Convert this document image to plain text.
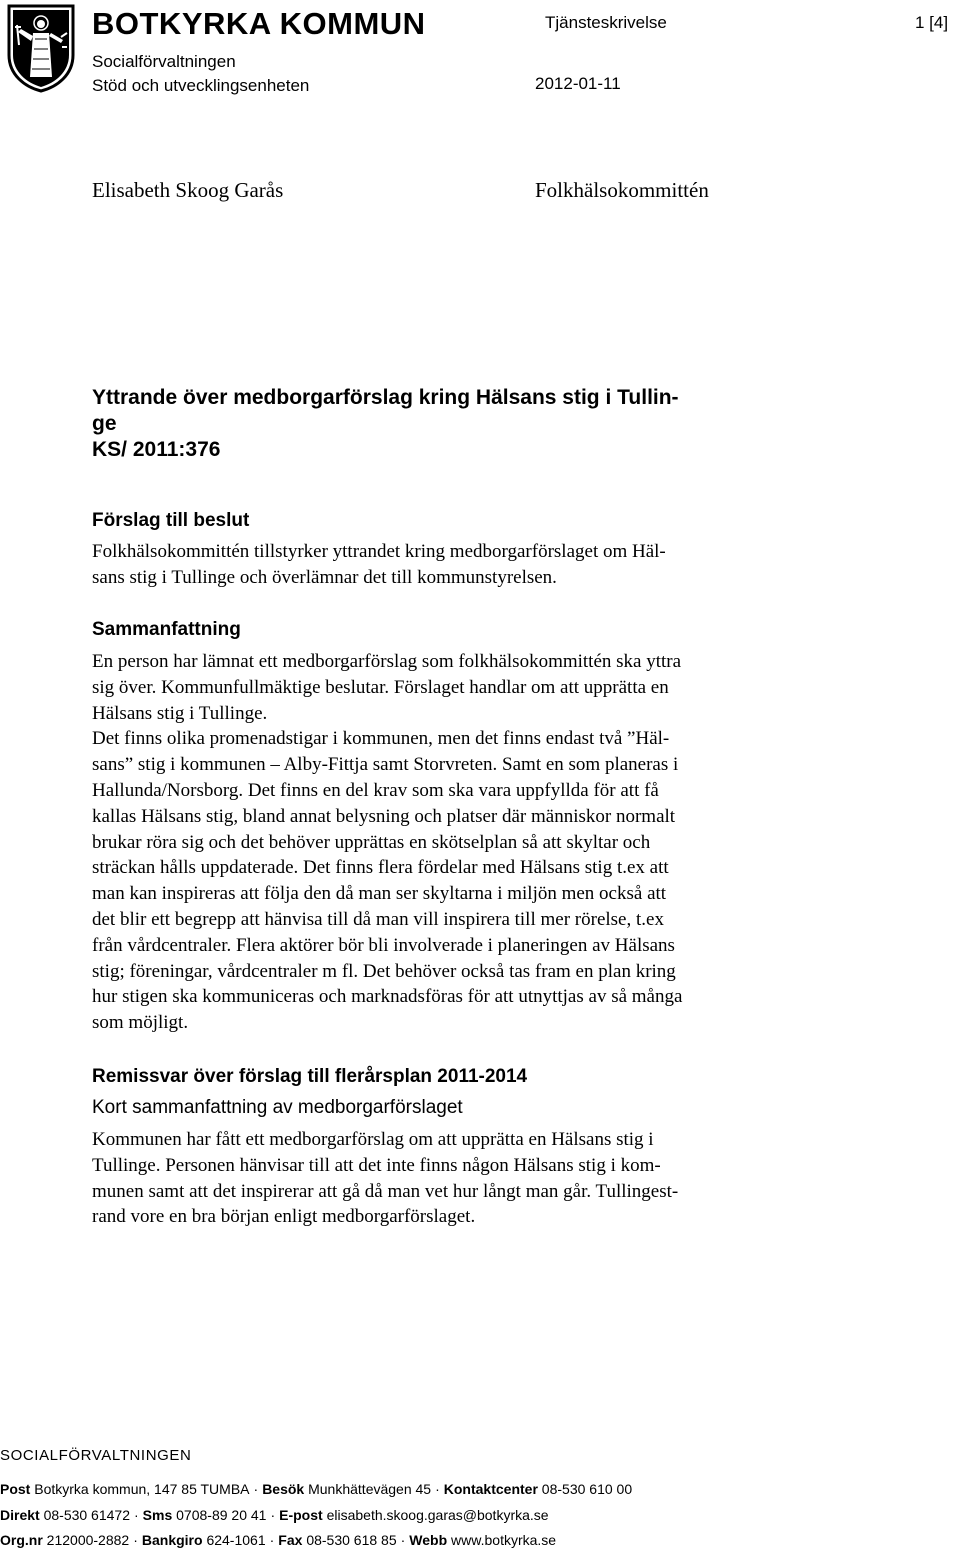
BOTKYRKA KOMMUN
Socialförvaltningen
Stöd och utvecklingsenheten
Tjänsteskrivelse	1 [4]
2012-01-11
Elisabeth Skoog Garås	Folkhälsokommittén
Yttrande över medborgarförslag kring Hälsans stig i Tullin-
ge
KS/ 2011:376
Förslag till beslut
Folkhälsokommittén tillstyrker yttrandet kring medborgarförslaget om Häl-
sans stig i Tullinge och överlämnar det till kommunstyrelsen.
Sammanfattning
En person har lämnat ett medborgarförslag som folkhälsokommittén ska yttra
sig över. Kommunfullmäktige beslutar. Förslaget handlar om att upprätta en
Hälsans stig i Tullinge.
Det finns olika promenadstigar i kommunen, men det finns endast två ”Häl-
sans” stig i kommunen – Alby-Fittja samt Storvreten. Samt en som planeras i
Hallunda/Norsborg. Det finns en del krav som ska vara uppfyllda för att få
kallas Hälsans stig, bland annat belysning och platser där människor normalt
brukar röra sig och det behöver upprättas en skötselplan så att skyltar och
sträckan hålls uppdaterade. Det finns flera fördelar med Hälsans stig t.ex att
man kan inspireras att följa den då man ser skyltarna i miljön men också att
det blir ett begrepp att hänvisa till då man vill inspirera till mer rörelse, t.ex
från vårdcentraler. Flera aktörer bör bli involverade i planeringen av Hälsans
stig; föreningar, vårdcentraler m fl. Det behöver också tas fram en plan kring
hur stigen ska kommuniceras och marknadsföras för att utnyttjas av så många
som möjligt.
Remissvar över förslag till flerårsplan 2011-2014
Kort sammanfattning av medborgarförslaget
Kommunen har fått ett medborgarförslag om att upprätta en Hälsans stig i
Tullinge. Personen hänvisar till att det inte finns någon Hälsans stig i kom-
munen samt att det inspirerar att gå då man vet hur långt man går. Tullingest-
rand vore en bra början enligt medborgarförslaget.
SOCIALFÖRVALTNINGEN
Post Botkyrka kommun, 147 85 TUMBA · Besök Munkhättevägen 45 · Kontaktcenter 08-530 610 00
Direkt 08-530 61472 · Sms 0708-89 20 41 · E-post elisabeth.skoog.garas@botkyrka.se
Org.nr 212000-2882 · Bankgiro 624-1061 · Fax 08-530 618 85 · Webb www.botkyrka.se
